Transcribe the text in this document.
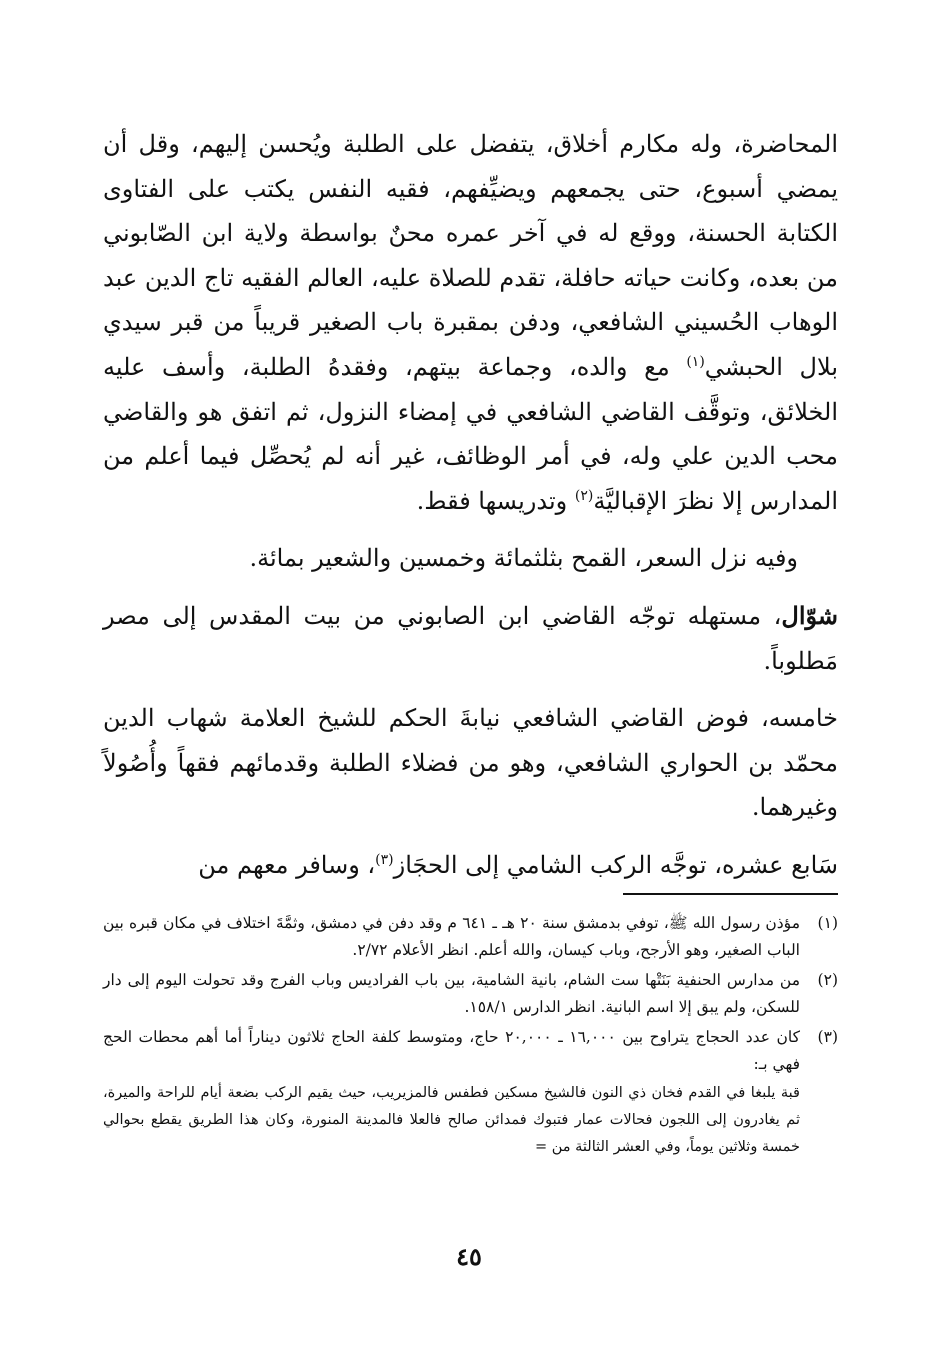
المحاضرة، وله مكارم أخلاق، يتفضل على الطلبة ويُحسن إليهم، وقل أن يمضي أسبوع، حتى يجمعهم ويضيِّفهم، فقيه النفس يكتب على الفتاوى الكتابة الحسنة، ووقع له في آخر عمره محنٌ بواسطة ولاية ابن الصّابوني من بعده، وكانت حياته حافلة، تقدم للصلاة عليه، العالم الفقيه تاج الدين عبد الوهاب الحُسيني الشافعي، ودفن بمقبرة باب الصغير قريباً من قبر سيدي بلال الحبشي$^{(١)}$ مع والده، وجماعة بيتهم، وفقدهُ الطلبة، وأسف عليه الخلائق، وتوقَّف القاضي الشافعي في إمضاء النزول، ثم اتفق هو والقاضي محب الدين علي وله، في أمر الوظائف، غير أنه لم يُحصِّل فيما أعلم من المدارس إلا نظرَ الإقباليَّة$^{(٢)}$ وتدريسها فقط.

وفيه نزل السعر، القمح بثلثمائة وخمسين والشعير بمائة.

شوّال، مستهله توجّه القاضي ابن الصابوني من بيت المقدس إلى مصر مَطلوباً.

خامسه، فوض القاضي الشافعي نيابةَ الحكم للشيخ العلامة شهاب الدين محمّد بن الحواري الشافعي، وهو من فضلاء الطلبة وقدمائهم فقهاً وأُصُولاً وغيرهما.

سَابع عشره، توجَّه الركب الشامي إلى الحجَاز$^{(٣)}$، وسافر معهم من

(١)
مؤذن رسول الله ﷺ، توفي بدمشق سنة ٢٠ هـ ـ ٦٤١ م وقد دفن في دمشق، وثمَّةَ اختلاف في مكان قبره بين الباب الصغير، وهو الأرجح، وباب كيسان، والله أعلم. انظر الأعلام ٢/٧٢.
(٢)
من مدارس الحنفية بَنَتْها ست الشام، بانية الشامية، بين باب الفراديس وباب الفرج وقد تحولت اليوم إلى دار للسكن، ولم يبق إلا اسم البانية. انظر الدارس ١٥٨/١.
(٣)
كان عدد الحجاج يتراوح بين ١٦,٠٠٠ ـ ٢٠,٠٠٠ حاج، ومتوسط كلفة الحاج ثلاثون ديناراً أما أهم محطات الحج فهي بـ:
قبة يلبغا في القدم فخان ذي النون فالشيخ مسكين فطفس فالمزيريب، حيث يقيم الركب بضعة أيام للراحة والميرة، ثم يغادرون إلى اللجون فحالات عمار فتبوك فمدائن صالح فالعلا فالمدينة المنورة، وكان هذا الطريق يقطع بحوالي خمسة وثلاثين يوماً، وفي العشر الثالثة من =
٤٥
